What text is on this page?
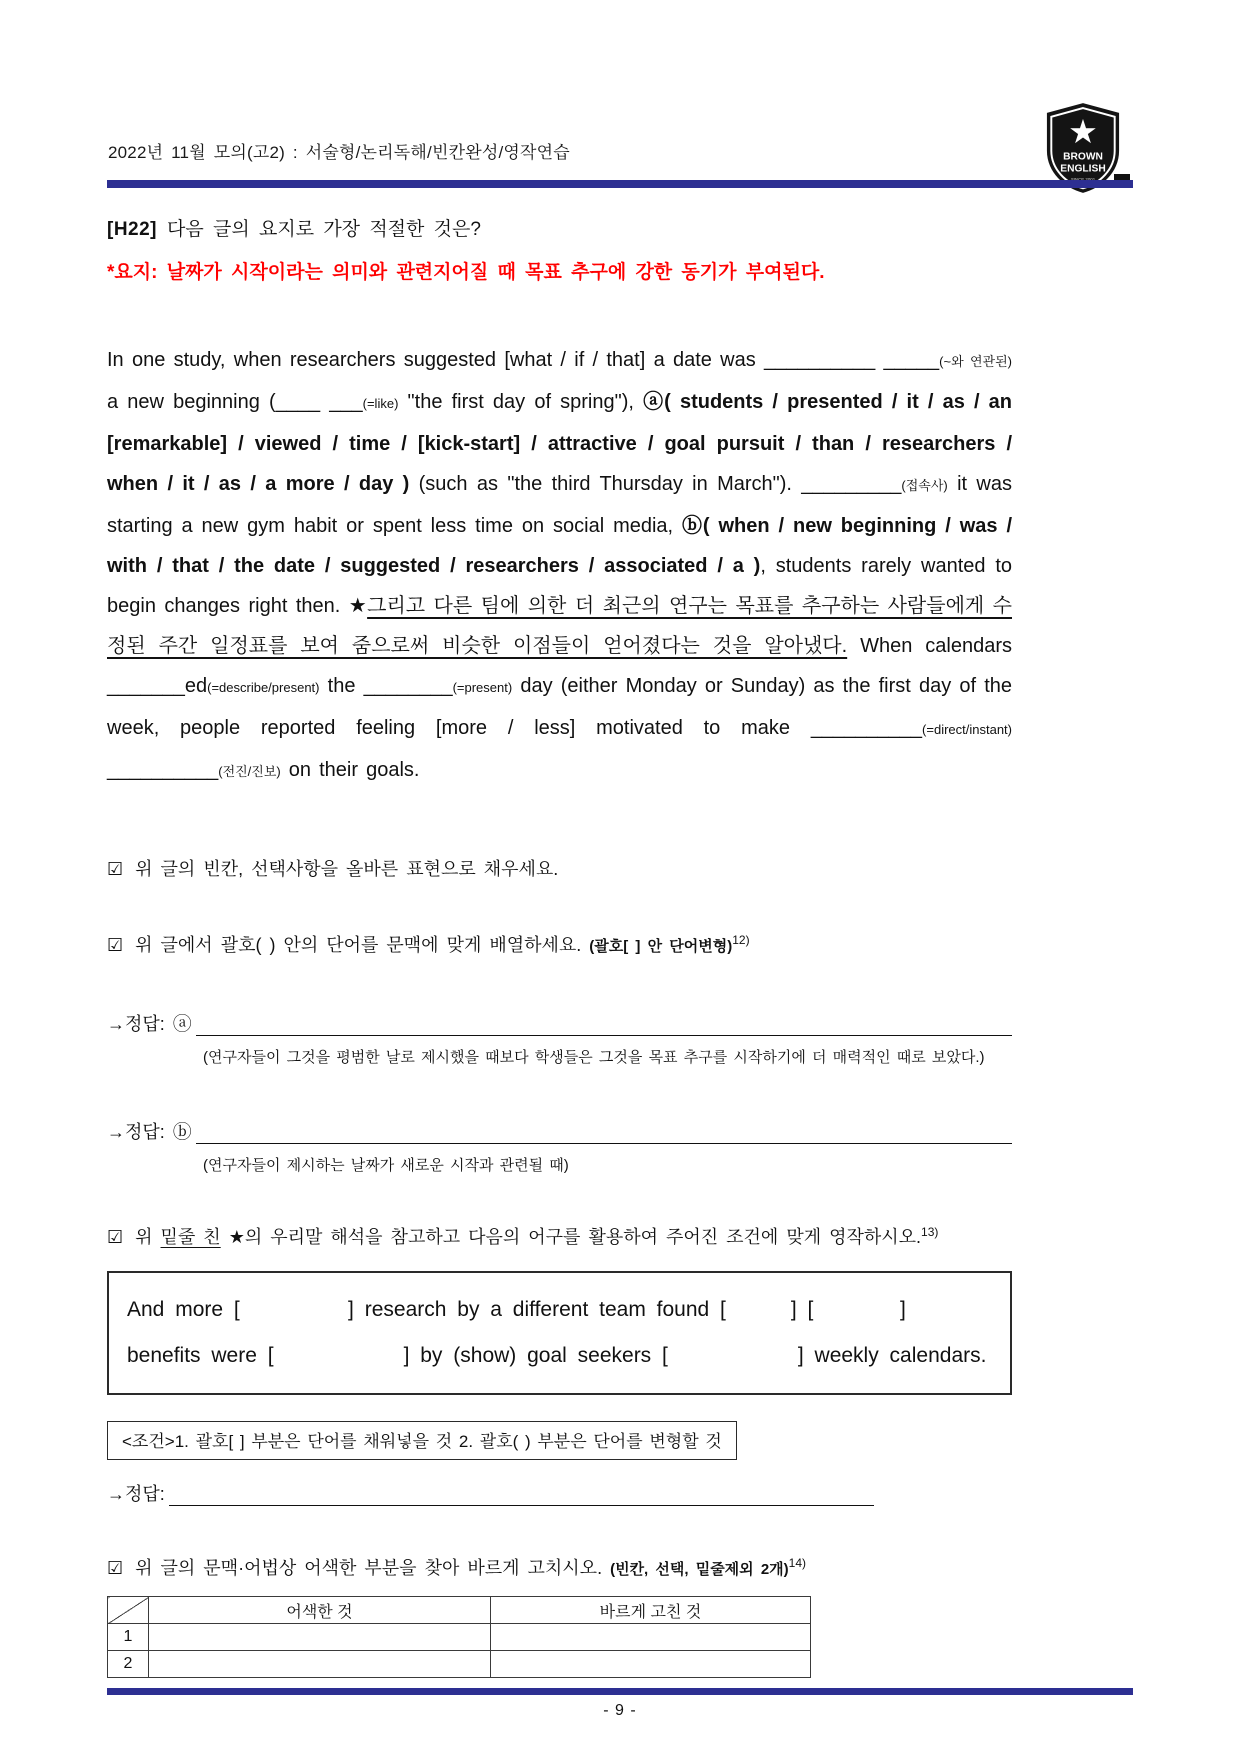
2022년 11월 모의(고2) : 서술형/논리독해/빈칸완성/영작연습
★
BROWN
ENGLISH
[H22] 다음 글의 요지로 가장 적절한 것은?
*요지: 날짜가 시작이라는 의미와 관련지어질 때 목표 추구에 강한 동기가 부여된다.

In one study, when researchers suggested [what / if / that] a date was __________ _____(~와 연관된) a new beginning (____ ___(=like) "the first day of spring"), ⓐ( students / presented / it / as / an [remarkable] / viewed / time / [kick-start] / attractive / goal pursuit / than / researchers / when / it / as / a more / day ) (such as "the third Thursday in March"). _________(접속사) it was starting a new gym habit or spent less time on social media, ⓑ( when / new beginning / was / with / that / the date / suggested / researchers / associated / a ), students rarely wanted to begin changes right then. ★그리고 다른 팀에 의한 더 최근의 연구는 목표를 추구하는 사람들에게 수정된 주간 일정표를 보여 줌으로써 비슷한 이점들이 얻어졌다는 것을 알아냈다. When calendars _______ed(=describe/present) the ________(=present) day (either Monday or Sunday) as the first day of the week, people reported feeling [more / less] motivated to make __________(=direct/instant) __________(전진/진보) on their goals.

☑ 위 글의 빈칸, 선택사항을 올바른 표현으로 채우세요.
☑ 위 글에서 괄호( ) 안의 단어를 문맥에 맞게 배열하세요. (괄호[ ] 안 단어변형)$^{12)}$
→정답: ⓐ
(연구자들이 그것을 평범한 날로 제시했을 때보다 학생들은 그것을 목표 추구를 시작하기에 더 매력적인 때로 보았다.)
→정답: ⓑ
(연구자들이 제시하는 날짜가 새로운 시작과 관련될 때)
☑ 위 밑줄 친 ★의 우리말 해석을 참고하고 다음의 어구를 활용하여 주어진 조건에 맞게 영작하시오.$^{13)}$
And more [          ] research by a different team found [      ] [        ]
benefits were [            ] by (show) goal seekers [            ] weekly calendars.
<조건>1. 괄호[ ] 부분은 단어를 채워넣을 것 2. 괄호( ) 부분은 단어를 변형할 것
→정답:
☑ 위 글의 문맥·어법상 어색한 부분을 찾아 바르게 고치시오. (빈칸, 선택, 밑줄제외 2개)$^{14)}$
	어색한 것	바르게 고친 것
1		
2		
- 9 -
